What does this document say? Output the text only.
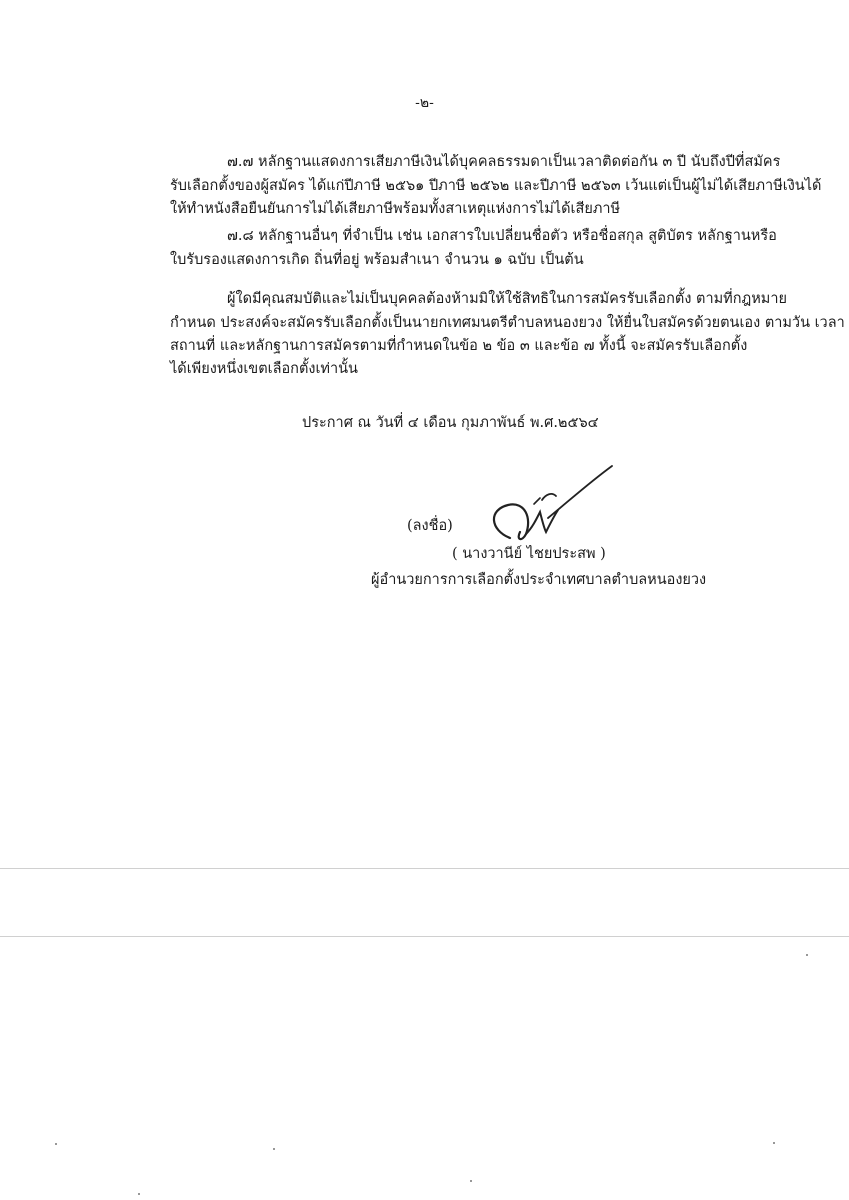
-๒-
๗.๗ หลักฐานแสดงการเสียภาษีเงินได้บุคคลธรรมดาเป็นเวลาติดต่อกัน ๓ ปี นับถึงปีที่สมัคร
รับเลือกตั้งของผู้สมัคร ได้แก่ปีภาษี ๒๕๖๑ ปีภาษี ๒๕๖๒ และปีภาษี ๒๕๖๓ เว้นแต่เป็นผู้ไม่ได้เสียภาษีเงินได้
ให้ทำหนังสือยืนยันการไม่ได้เสียภาษีพร้อมทั้งสาเหตุแห่งการไม่ได้เสียภาษี
๗.๘ หลักฐานอื่นๆ ที่จำเป็น เช่น เอกสารใบเปลี่ยนชื่อตัว หรือชื่อสกุล สูติบัตร หลักฐานหรือ
ใบรับรองแสดงการเกิด ถิ่นที่อยู่ พร้อมสำเนา จำนวน ๑ ฉบับ เป็นต้น
ผู้ใดมีคุณสมบัติและไม่เป็นบุคคลต้องห้ามมิให้ใช้สิทธิในการสมัครรับเลือกตั้ง ตามที่กฎหมาย
กำหนด ประสงค์จะสมัครรับเลือกตั้งเป็นนายกเทศมนตรีตำบลหนองยวง ให้ยื่นใบสมัครด้วยตนเอง ตามวัน เวลา
สถานที่ และหลักฐานการสมัครตามที่กำหนดในข้อ ๒ ข้อ ๓ และข้อ ๗ ทั้งนี้ จะสมัครรับเลือกตั้ง
ได้เพียงหนึ่งเขตเลือกตั้งเท่านั้น
ประกาศ ณ วันที่ ๔ เดือน กุมภาพันธ์ พ.ศ.๒๕๖๔
(ลงชื่อ)
( นางวานีย์ ไชยประสพ )
ผู้อำนวยการการเลือกตั้งประจำเทศบาลตำบลหนองยวง
